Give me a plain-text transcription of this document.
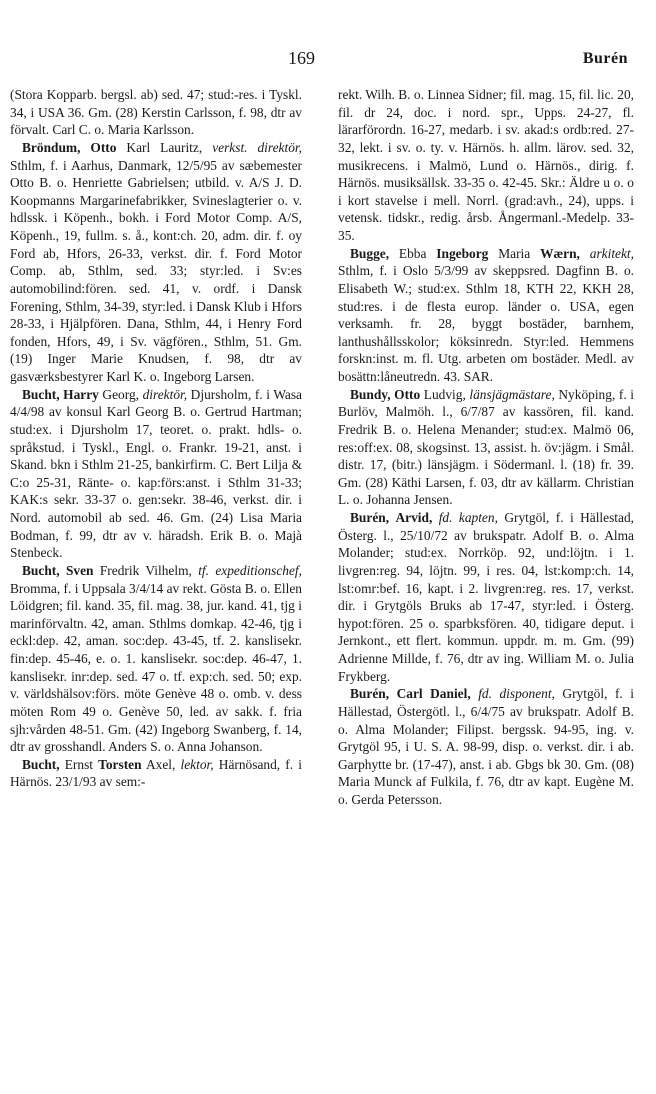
169	Burén

(Stora Kopparb. bergsl. ab) sed. 47; stud:-res. i Tyskl. 34, i USA 36. Gm. (28) Kerstin Carlsson, f. 98, dtr av förvalt. Carl C. o. Maria Karlsson.

Bröndum, Otto Karl Lauritz, verkst. direktör, Sthlm, f. i Aarhus, Danmark, 12/5/95 av sæbemester Otto B. o. Henriette Gabrielsen; utbild. v. A/S J. D. Koopmanns Margarinefabrikker, Svineslagterier o. v. hdlssk. i Köpenh., bokh. i Ford Motor Comp. A/S, Köpenh., 19, fullm. s. å., kont:ch. 20, adm. dir. f. oy Ford ab, Hfors, 26-33, verkst. dir. f. Ford Motor Comp. ab, Sthlm, sed. 33; styr:led. i Sv:es automobilind:fören. sed. 41, v. ordf. i Dansk Forening, Sthlm, 34-39, styr:led. i Dansk Klub i Hfors 28-33, i Hjälpfören. Dana, Sthlm, 44, i Henry Ford fonden, Hfors, 49, i Sv. vägfören., Sthlm, 51. Gm. (19) Inger Marie Knudsen, f. 98, dtr av gasværksbestyrer Karl K. o. Ingeborg Larsen.

Bucht, Harry Georg, direktör, Djursholm, f. i Wasa 4/4/98 av konsul Karl Georg B. o. Gertrud Hartman; stud:ex. i Djursholm 17, teoret. o. prakt. hdls- o. språkstud. i Tyskl., Engl. o. Frankr. 19-21, anst. i Skand. bkn i Sthlm 21-25, bankirfirm. C. Bert Lilja & C:o 25-31, Ränte- o. kap:förs:anst. i Sthlm 31-33; KAK:s sekr. 33-37 o. gen:sekr. 38-46, verkst. dir. i Nord. automobil ab sed. 46. Gm. (24) Lisa Maria Bodman, f. 99, dtr av v. häradsh. Erik B. o. Majà Stenbeck.

Bucht, Sven Fredrik Vilhelm, tf. expeditionschef, Bromma, f. i Uppsala 3/4/14 av rekt. Gösta B. o. Ellen Löidgren; fil. kand. 35, fil. mag. 38, jur. kand. 41, tjg i marinförvaltn. 42, aman. Sthlms domkap. 42-46, tjg i eckl:dep. 42, aman. soc:dep. 43-45, tf. 2. kanslisekr. fin:dep. 45-46, e. o. 1. kanslisekr. soc:dep. 46-47, 1. kanslisekr. inr:dep. sed. 47 o. tf. exp:ch. sed. 50; exp. v. världshälsov:förs. möte Genève 48 o. omb. v. dess möten Rom 49 o. Genève 50, led. av sakk. f. fria sjh:vården 48-51. Gm. (42) Ingeborg Swanberg, f. 14, dtr av grosshandl. Anders S. o. Anna Johanson.

Bucht, Ernst Torsten Axel, lektor, Härnösand, f. i Härnös. 23/1/93 av sem:-

rekt. Wilh. B. o. Linnea Sidner; fil. mag. 15, fil. lic. 20, fil. dr 24, doc. i nord. spr., Upps. 24-27, fl. lärarförordn. 16-27, medarb. i sv. akad:s ordb:red. 27-32, lekt. i sv. o. ty. v. Härnös. h. allm. lärov. sed. 32, musikrecens. i Malmö, Lund o. Härnös., dirig. f. Härnös. musiksällsk. 33-35 o. 42-45. Skr.: Äldre u o. o i kort stavelse i mell. Norrl. (grad:avh., 24), upps. i vetensk. tidskr., redig. årsb. Ångermanl.-Medelp. 33-35.

Bugge, Ebba Ingeborg Maria Wærn, arkitekt, Sthlm, f. i Oslo 5/3/99 av skeppsred. Dagfinn B. o. Elisabeth W.; stud:ex. Sthlm 18, KTH 22, KKH 28, stud:res. i de flesta europ. länder o. USA, egen verksamh. fr. 28, byggt bostäder, barnhem, lanthushållsskolor; köksinredn. Styr:led. Hemmens forskn:inst. m. fl. Utg. arbeten om bostäder. Medl. av bosättn:låneutredn. 43. SAR.

Bundy, Otto Ludvig, länsjägmästare, Nyköping, f. i Burlöv, Malmöh. l., 6/7/87 av kassören, fil. kand. Fredrik B. o. Helena Menander; stud:ex. Malmö 06, res:off:ex. 08, skogsinst. 13, assist. h. öv:jägm. i Smål. distr. 17, (bitr.) länsjägm. i Södermanl. l. (18) fr. 39. Gm. (28) Käthi Larsen, f. 03, dtr av källarm. Christian L. o. Johanna Jensen.

Burén, Arvid, fd. kapten, Grytgöl, f. i Hällestad, Österg. l., 25/10/72 av brukspatr. Adolf B. o. Alma Molander; stud:ex. Norrköp. 92, und:löjtn. i 1. livgren:reg. 94, löjtn. 99, i res. 04, lst:komp:ch. 14, lst:omr:bef. 16, kapt. i 2. livgren:reg. res. 17, verkst. dir. i Grytgöls Bruks ab 17-47, styr:led. i Österg. hypot:fören. 25 o. sparbksfören. 40, tidigare deput. i Jernkont., ett flert. kommun. uppdr. m. m. Gm. (99) Adrienne Millde, f. 76, dtr av ing. William M. o. Julia Frykberg.

Burén, Carl Daniel, fd. disponent, Grytgöl, f. i Hällestad, Östergötl. l., 6/4/75 av brukspatr. Adolf B. o. Alma Molander; Filipst. bergssk. 94-95, ing. v. Grytgöl 95, i U. S. A. 98-99, disp. o. verkst. dir. i ab. Garphytte br. (17-47), anst. i ab. Gbgs bk 30. Gm. (08) Maria Munck af Fulkila, f. 76, dtr av kapt. Eugène M. o. Gerda Petersson.
